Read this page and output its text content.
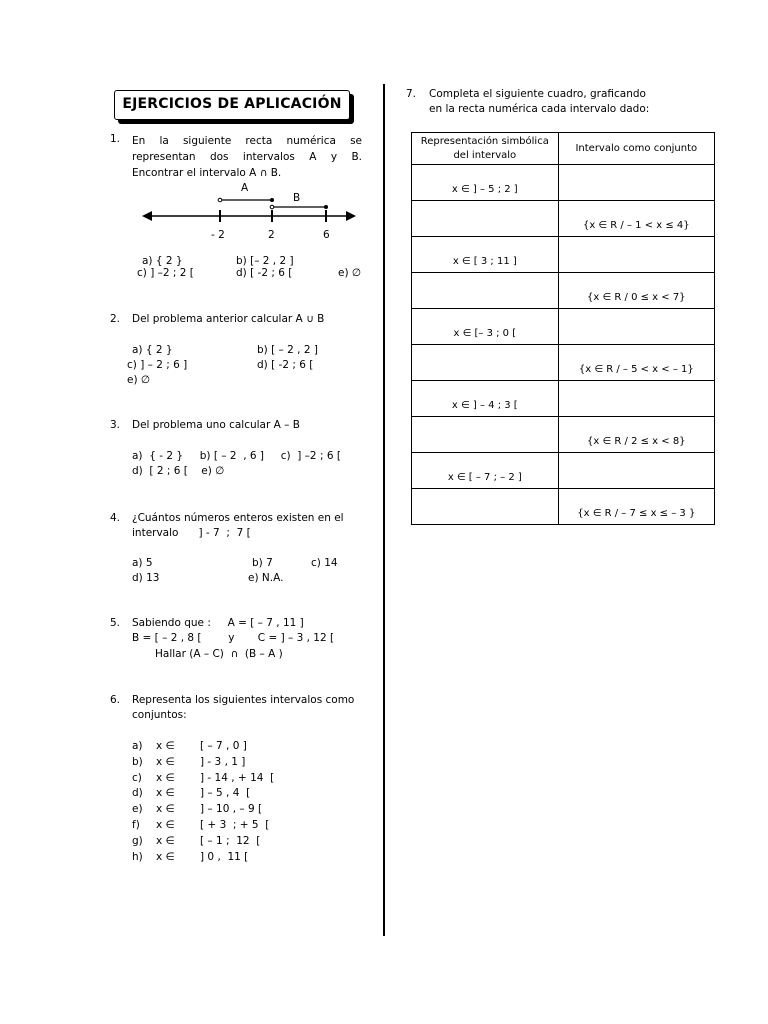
EJERCICIOS DE APLICACIÓN
1. En la siguiente recta numérica se
representan dos intervalos A y B.
Encontrar el intervalo A ∩ B.
A
B
- 2	2	6
a) { 2 }	b) [– 2 , 2 ]
c) ] –2 ; 2 [	d) [ -2 ; 6 [	e) ∅
2. Del problema anterior calcular A ∪ B
a) { 2 }	b) [ – 2 , 2 ]
c) ] – 2 ; 6 ]	d) [ -2 ; 6 [
e) ∅
3. Del problema uno calcular A – B
a)  { - 2 }     b) [ – 2  , 6 ]     c)  ] –2 ; 6 [
d)  [ 2 ; 6 [    e) ∅
4. ¿Cuántos números enteros existen en el
intervalo      ] - 7  ;  7 [
a) 5	b) 7	c) 14
d) 13	e) N.A.
5. Sabiendo que :     A = [ – 7 , 11 ]
B = [ – 2 , 8 [        y       C = ] – 3 , 12 [
Hallar (A – C)  ∩  (B – A )
6. Representa los siguientes intervalos como
conjuntos:
a) x ∈ [ – 7 , 0 ]
b) x ∈ ] - 3 , 1 ]
c) x ∈ ] - 14 , + 14  [
d) x ∈ ] – 5 , 4  [
e) x ∈ ] – 10 , – 9 [
f) x ∈ [ + 3  ; + 5  [
g) x ∈ [ – 1 ;  12  [
h) x ∈ ] 0 ,  11 [
7. Completa el siguiente cuadro, graficando
en la recta numérica cada intervalo dado:
Representación simbólica del intervalo	Intervalo como conjunto
x ∈ ] – 5 ; 2 ]	
	{x ∈ R / – 1 < x ≤ 4}
x ∈ [ 3 ; 11 ]	
	{x ∈ R / 0 ≤ x < 7}
x ∈ [– 3 ; 0 [	
	{x ∈ R / – 5 < x < – 1}
x ∈ ] – 4 ; 3 [	
	{x ∈ R / 2 ≤ x < 8}
x ∈ [ – 7 ; – 2 ]	
	{x ∈ R / – 7 ≤ x ≤ – 3 }
